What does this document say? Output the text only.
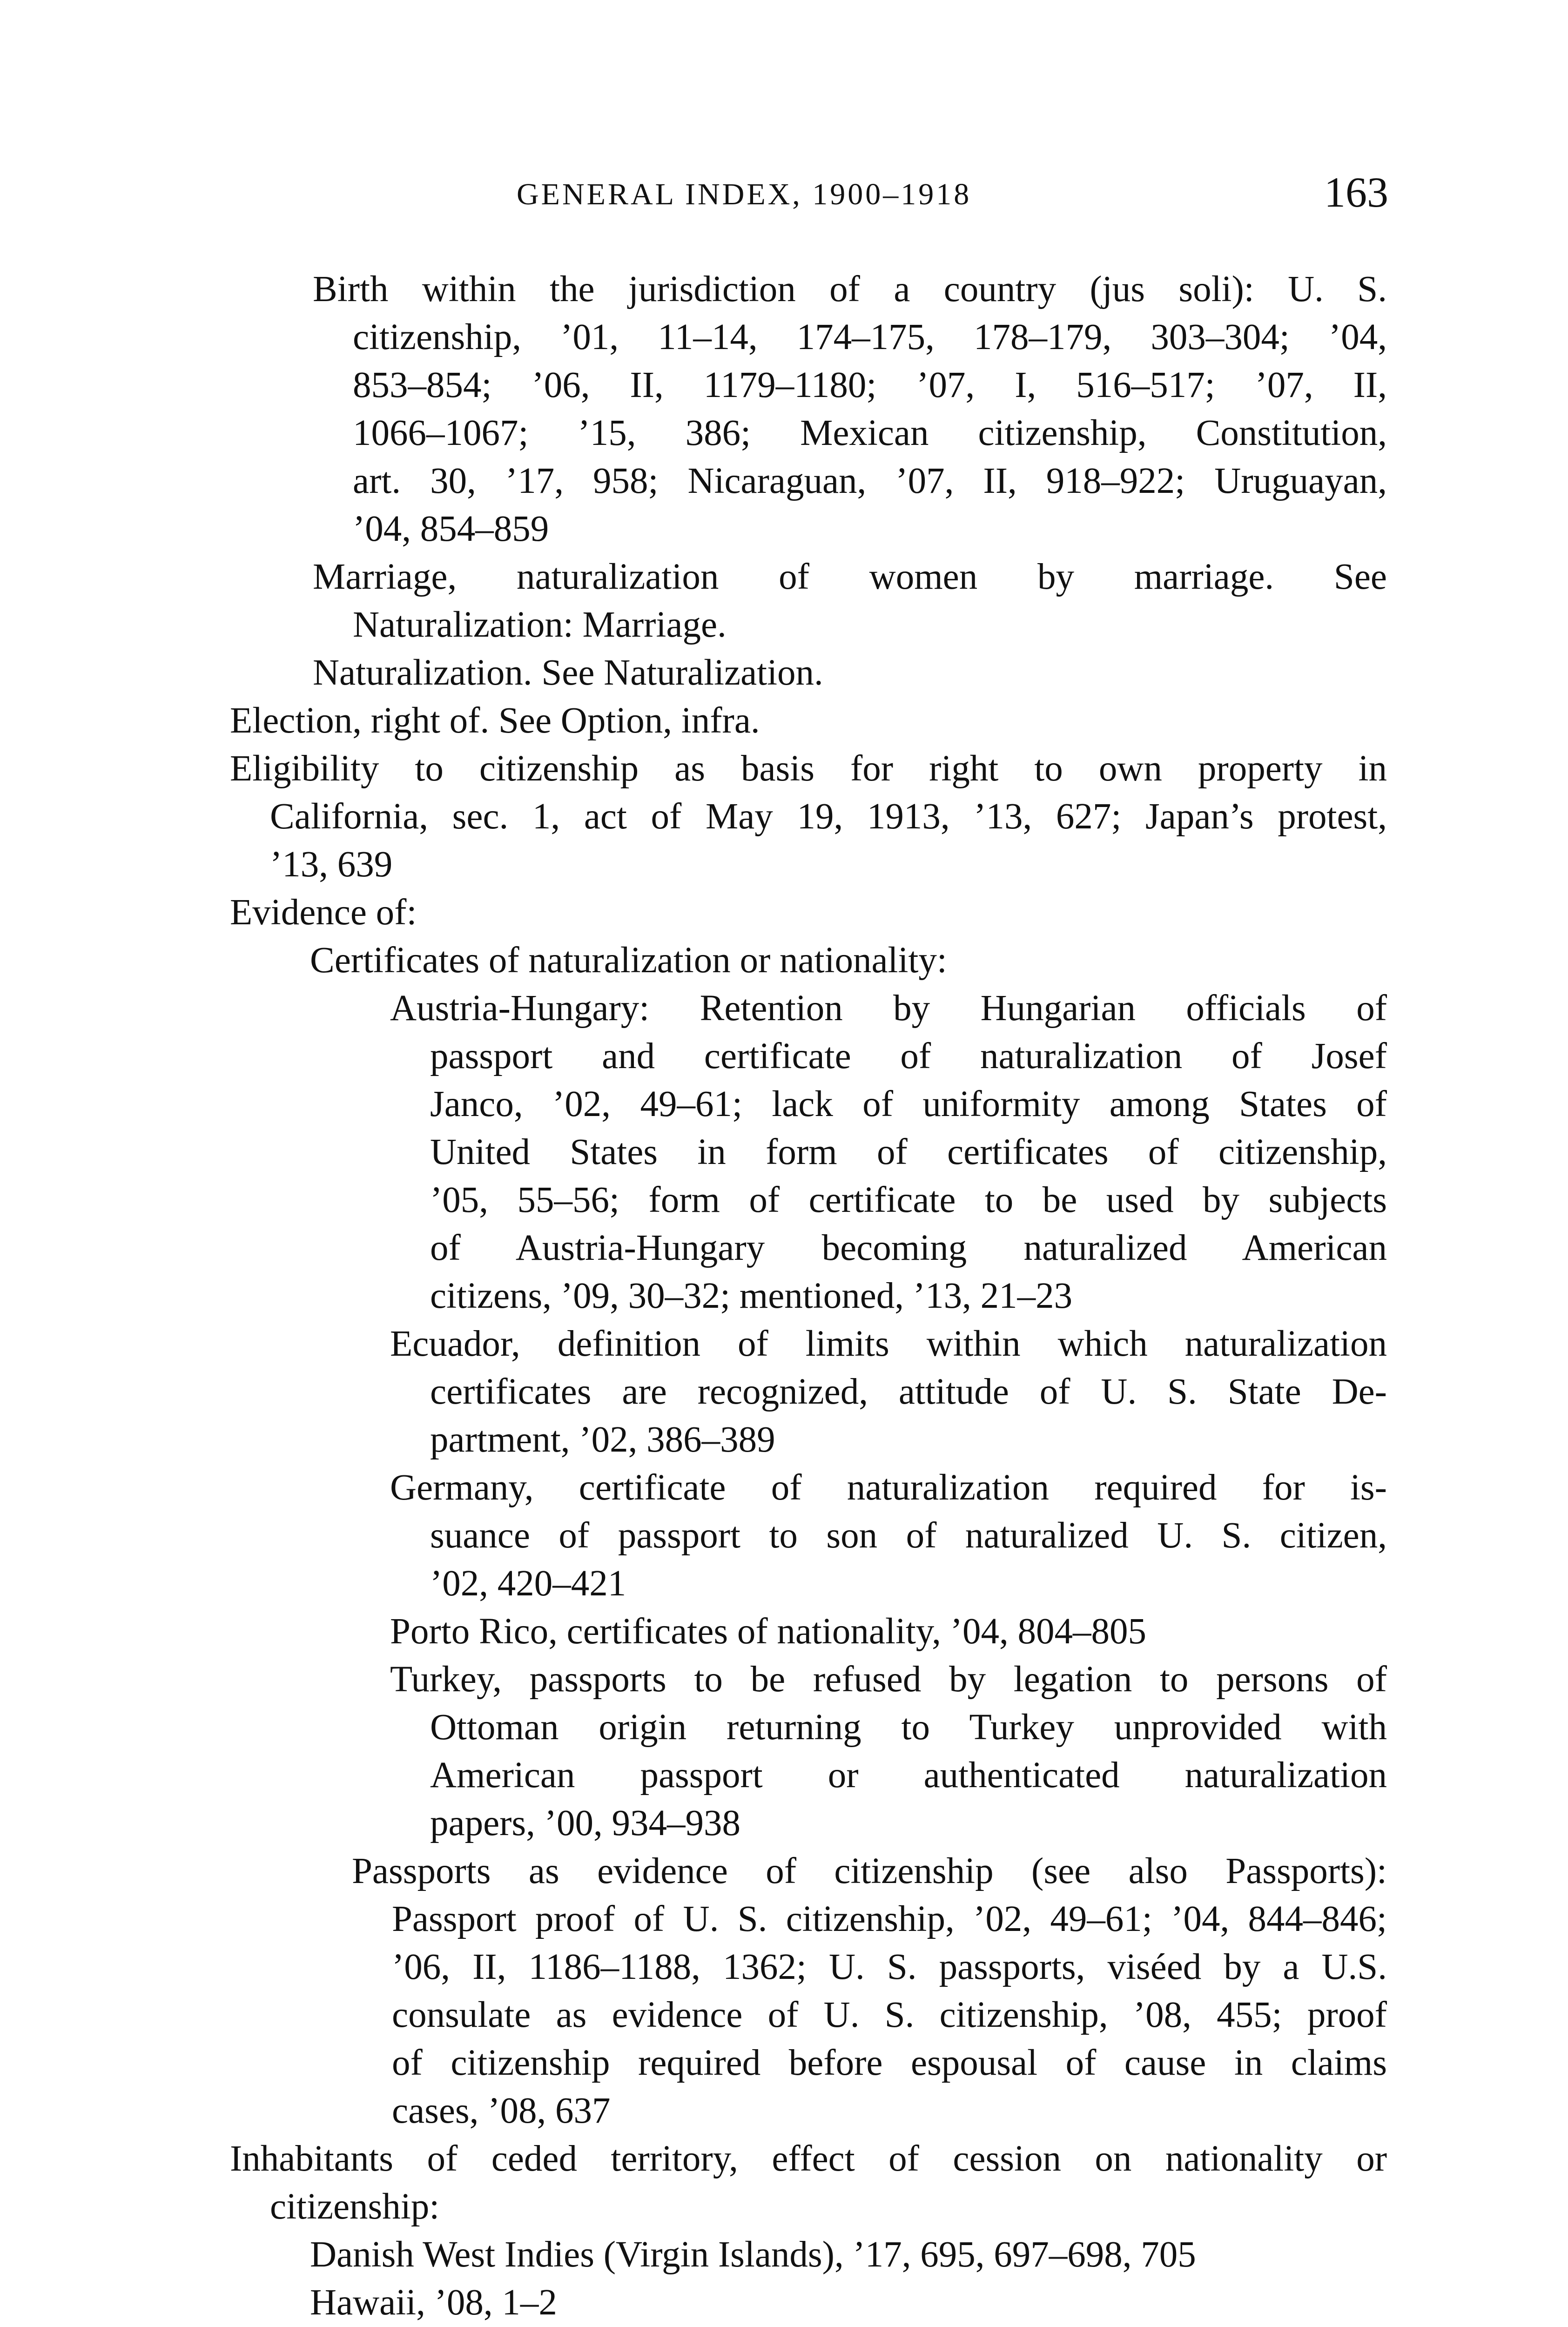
GENERAL INDEX, 1900–1918	163
Birth within the jurisdiction of a country (jus soli): U. S.
citizenship, ’01, 11–14, 174–175, 178–179, 303–304; ’04,
853–854; ’06, II, 1179–1180; ’07, I, 516–517; ’07, II,
1066–1067; ’15, 386; Mexican citizenship, Constitution,
art. 30, ’17, 958; Nicaraguan, ’07, II, 918–922; Uruguayan,
’04, 854–859
Marriage, naturalization of women by marriage. See
Naturalization: Marriage.
Naturalization. See Naturalization.
Election, right of. See Option, infra.
Eligibility to citizenship as basis for right to own property in
California, sec. 1, act of May 19, 1913, ’13, 627; Japan’s protest,
’13, 639
Evidence of:
Certificates of naturalization or nationality:
Austria-Hungary: Retention by Hungarian officials of
passport and certificate of naturalization of Josef
Janco, ’02, 49–61; lack of uniformity among States of
United States in form of certificates of citizenship,
’05, 55–56; form of certificate to be used by subjects
of Austria-Hungary becoming naturalized American
citizens, ’09, 30–32; mentioned, ’13, 21–23
Ecuador, definition of limits within which naturalization
certificates are recognized, attitude of U. S. State De-
partment, ’02, 386–389
Germany, certificate of naturalization required for is-
suance of passport to son of naturalized U. S. citizen,
’02, 420–421
Porto Rico, certificates of nationality, ’04, 804–805
Turkey, passports to be refused by legation to persons of
Ottoman origin returning to Turkey unprovided with
American passport or authenticated naturalization
papers, ’00, 934–938
Passports as evidence of citizenship (see also Passports):
Passport proof of U. S. citizenship, ’02, 49–61; ’04, 844–846;
’06, II, 1186–1188, 1362; U. S. passports, viséed by a U.S.
consulate as evidence of U. S. citizenship, ’08, 455; proof
of citizenship required before espousal of cause in claims
cases, ’08, 637
Inhabitants of ceded territory, effect of cession on nationality or
citizenship:
Danish West Indies (Virgin Islands), ’17, 695, 697–698, 705
Hawaii, ’08, 1–2
